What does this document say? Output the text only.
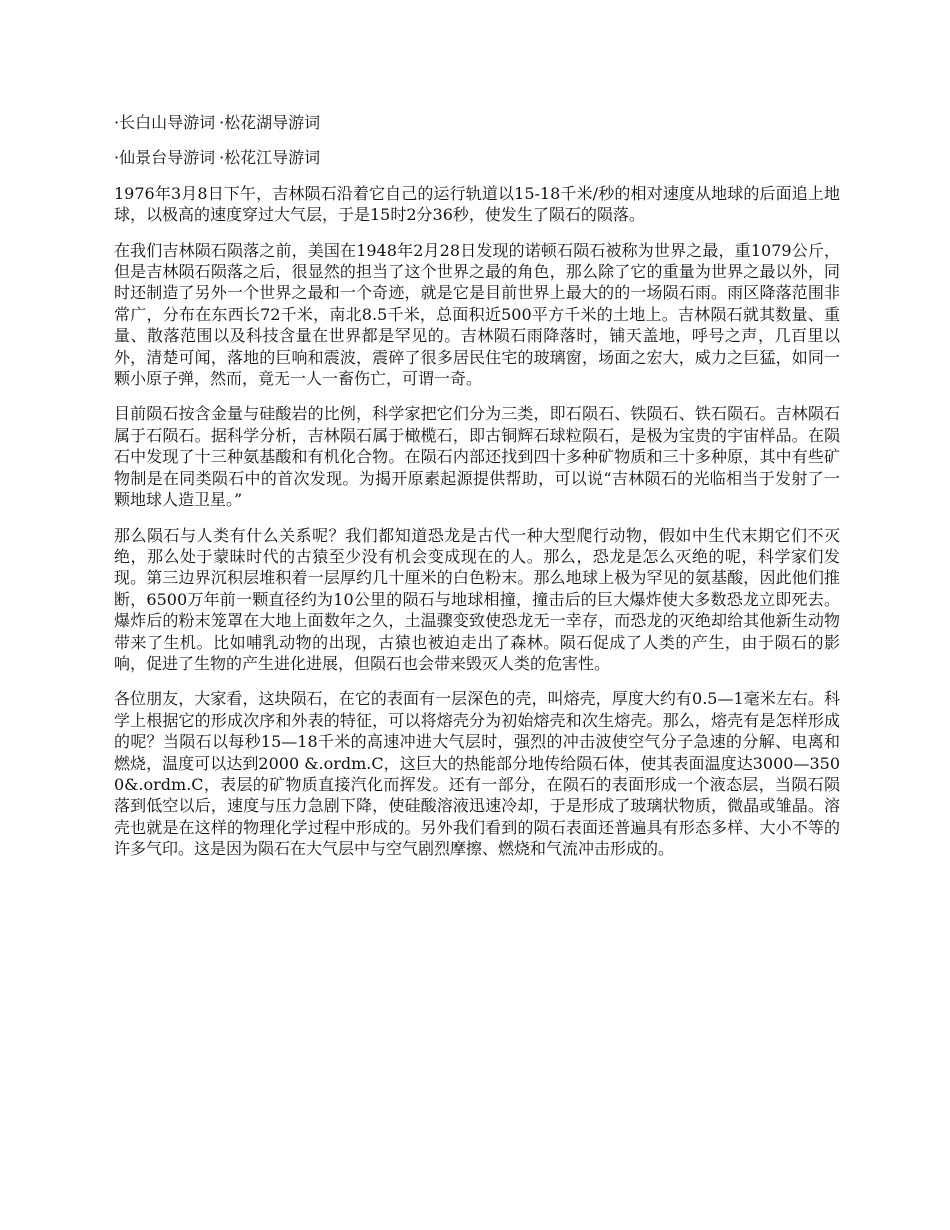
·长白山导游词 ·松花湖导游词
·仙景台导游词 ·松花江导游词

1976年3月8日下午，吉林陨石沿着它自己的运行轨道以15-18千米/秒的相对速度从地球的后面追上地球，以极高的速度穿过大气层，于是15时2分36秒，使发生了陨石的陨落。

在我们吉林陨石陨落之前，美国在1948年2月28日发现的诺顿石陨石被称为世界之最，重1079公斤，但是吉林陨石陨落之后，很显然的担当了这个世界之最的角色，那么除了它的重量为世界之最以外，同时还制造了另外一个世界之最和一个奇迹，就是它是目前世界上最大的的一场陨石雨。雨区降落范围非常广，分布在东西长72千米，南北8.5千米，总面积近500平方千米的土地上。吉林陨石就其数量、重量、散落范围以及科技含量在世界都是罕见的。吉林陨石雨降落时，铺天盖地，呼号之声，几百里以外，清楚可闻，落地的巨响和震波，震碎了很多居民住宅的玻璃窗，场面之宏大，威力之巨猛，如同一颗小原子弹，然而，竟无一人一畜伤亡，可谓一奇。

目前陨石按含金量与硅酸岩的比例，科学家把它们分为三类，即石陨石、铁陨石、铁石陨石。吉林陨石属于石陨石。据科学分析，吉林陨石属于橄榄石，即古铜辉石球粒陨石，是极为宝贵的宇宙样品。在陨石中发现了十三种氨基酸和有机化合物。在陨石内部还找到四十多种矿物质和三十多种原，其中有些矿物制是在同类陨石中的首次发现。为揭开原素起源提供帮助，可以说“吉林陨石的光临相当于发射了一颗地球人造卫星。”

那么陨石与人类有什么关系呢？我们都知道恐龙是古代一种大型爬行动物，假如中生代末期它们不灭绝，那么处于蒙昧时代的古猿至少没有机会变成现在的人。那么，恐龙是怎么灭绝的呢，科学家们发现。第三边界沉积层堆积着一层厚约几十厘米的白色粉末。那么地球上极为罕见的氨基酸，因此他们推断，6500万年前一颗直径约为10公里的陨石与地球相撞，撞击后的巨大爆炸使大多数恐龙立即死去。爆炸后的粉末笼罩在大地上面数年之久，土温骤变致使恐龙无一幸存，而恐龙的灭绝却给其他新生动物带来了生机。比如哺乳动物的出现，古猿也被迫走出了森林。陨石促成了人类的产生，由于陨石的影响，促进了生物的产生进化进展，但陨石也会带来毁灭人类的危害性。

各位朋友，大家看，这块陨石，在它的表面有一层深色的壳，叫熔壳，厚度大约有0.5—1毫米左右。科学上根据它的形成次序和外表的特征，可以将熔壳分为初始熔壳和次生熔壳。那么，熔壳有是怎样形成的呢？当陨石以每秒15—18千米的高速冲进大气层时，强烈的冲击波使空气分子急速的分解、电离和燃烧，温度可以达到2000 &.ordm.C，这巨大的热能部分地传给陨石体，使其表面温度达3000—3500&.ordm.C，表层的矿物质直接汽化而挥发。还有一部分，在陨石的表面形成一个液态层，当陨石陨落到低空以后，速度与压力急剧下降，使硅酸溶液迅速冷却，于是形成了玻璃状物质，微晶或雏晶。溶壳也就是在这样的物理化学过程中形成的。另外我们看到的陨石表面还普遍具有形态多样、大小不等的许多气印。这是因为陨石在大气层中与空气剧烈摩擦、燃烧和气流冲击形成的。
